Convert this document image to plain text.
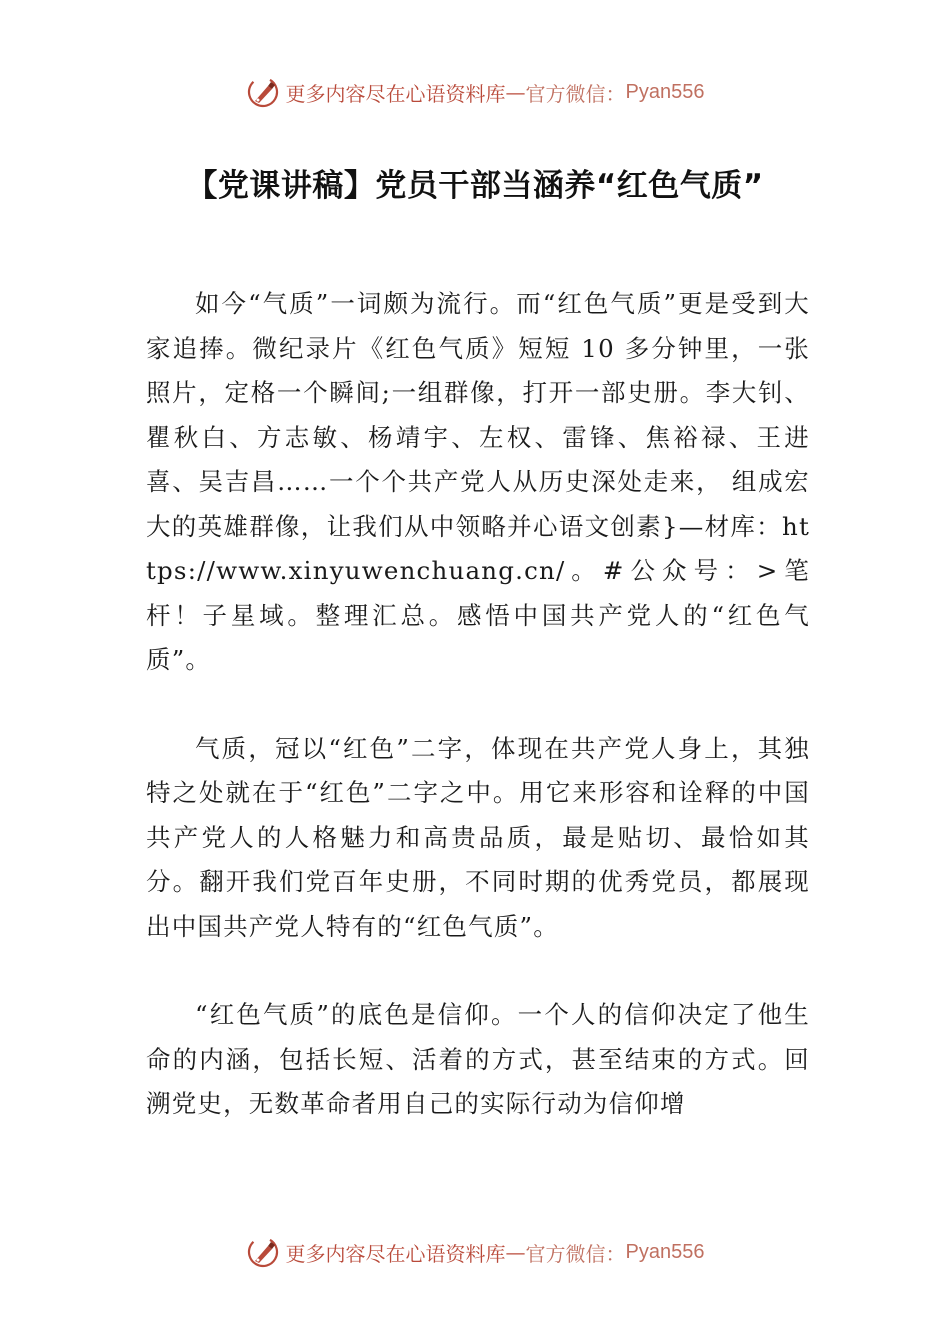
更多内容尽在心语资料库 — 官方微信： Pyan556
【党课讲稿】党员干部当涵养“红色气质”

如今“气质”一词颇为流行。而“红色气质”更是受到大家追捧。微纪录片《红色气质》短短 10 多分钟里，一张照片，定格一个瞬间;一组群像，打开一部史册。李大钊、瞿秋白、方志敏、杨靖宇、左权、雷锋、焦裕禄、王进喜、吴吉昌……一个个共产党人从历史深处走来， 组成宏大的英雄群像，让我们从中领略并心语文创素}—材库：https://www.xinyuwenchuang.cn/。#公众号：>笔杆！子星域。整理汇总。感悟中国共产党人的“红色气质”。

气质，冠以“红色”二字，体现在共产党人身上，其独特之处就在于“红色”二字之中。用它来形容和诠释的中国共产党人的人格魅力和高贵品质，最是贴切、最恰如其分。翻开我们党百年史册，不同时期的优秀党员，都展现出中国共产党人特有的“红色气质”。

“红色气质”的底色是信仰。一个人的信仰决定了他生命的内涵，包括长短、活着的方式，甚至结束的方式。回溯党史，无数革命者用自己的实际行动为信仰增

更多内容尽在心语资料库 — 官方微信： Pyan556
